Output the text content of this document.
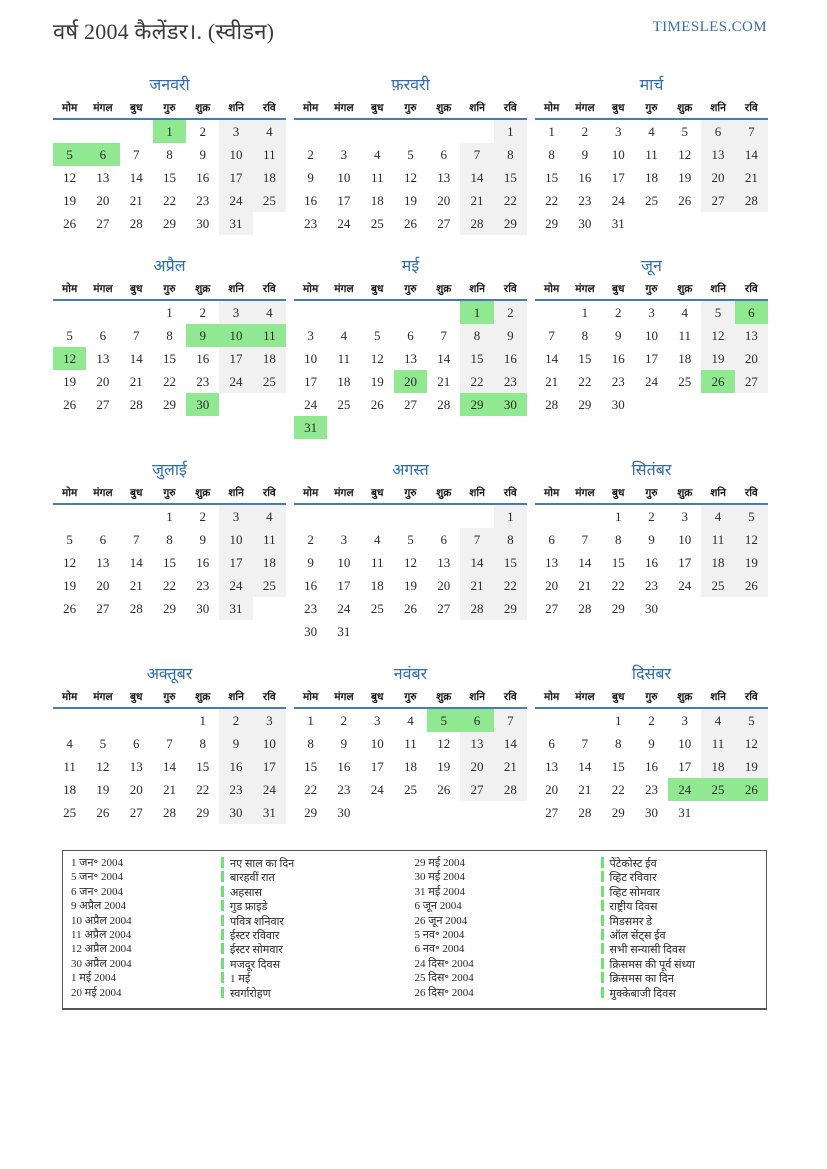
वर्ष 2004 कैलेंडर।. (स्वीडन)	TIMESLES.COM
जनवरी
मोम	मंगल	बुध	गुरु	शुक्र	शनि	रवि
			1	2	3	4
5	6	7	8	9	10	11
12	13	14	15	16	17	18
19	20	21	22	23	24	25
26	27	28	29	30	31	
फ़रवरी
मोम	मंगल	बुध	गुरु	शुक्र	शनि	रवि
						1
2	3	4	5	6	7	8
9	10	11	12	13	14	15
16	17	18	19	20	21	22
23	24	25	26	27	28	29
मार्च
मोम	मंगल	बुध	गुरु	शुक्र	शनि	रवि
1	2	3	4	5	6	7
8	9	10	11	12	13	14
15	16	17	18	19	20	21
22	23	24	25	26	27	28
29	30	31				
अप्रैल
मोम	मंगल	बुध	गुरु	शुक्र	शनि	रवि
			1	2	3	4
5	6	7	8	9	10	11
12	13	14	15	16	17	18
19	20	21	22	23	24	25
26	27	28	29	30		
मई
मोम	मंगल	बुध	गुरु	शुक्र	शनि	रवि
					1	2
3	4	5	6	7	8	9
10	11	12	13	14	15	16
17	18	19	20	21	22	23
24	25	26	27	28	29	30
31						
जून
मोम	मंगल	बुध	गुरु	शुक्र	शनि	रवि
	1	2	3	4	5	6
7	8	9	10	11	12	13
14	15	16	17	18	19	20
21	22	23	24	25	26	27
28	29	30				
जुलाई
मोम	मंगल	बुध	गुरु	शुक्र	शनि	रवि
			1	2	3	4
5	6	7	8	9	10	11
12	13	14	15	16	17	18
19	20	21	22	23	24	25
26	27	28	29	30	31	
अगस्त
मोम	मंगल	बुध	गुरु	शुक्र	शनि	रवि
						1
2	3	4	5	6	7	8
9	10	11	12	13	14	15
16	17	18	19	20	21	22
23	24	25	26	27	28	29
30	31					
सितंबर
मोम	मंगल	बुध	गुरु	शुक्र	शनि	रवि
		1	2	3	4	5
6	7	8	9	10	11	12
13	14	15	16	17	18	19
20	21	22	23	24	25	26
27	28	29	30			
अक्तूबर
मोम	मंगल	बुध	गुरु	शुक्र	शनि	रवि
				1	2	3
4	5	6	7	8	9	10
11	12	13	14	15	16	17
18	19	20	21	22	23	24
25	26	27	28	29	30	31
नवंबर
मोम	मंगल	बुध	गुरु	शुक्र	शनि	रवि
1	2	3	4	5	6	7
8	9	10	11	12	13	14
15	16	17	18	19	20	21
22	23	24	25	26	27	28
29	30					
दिसंबर
मोम	मंगल	बुध	गुरु	शुक्र	शनि	रवि
		1	2	3	4	5
6	7	8	9	10	11	12
13	14	15	16	17	18	19
20	21	22	23	24	25	26
27	28	29	30	31		
1 जन॰ 2004	नए साल का दिन
5 जन॰ 2004	बारहवीं रात
6 जन॰ 2004	अहसास
9 अप्रैल 2004	गुड फ्राइडे
10 अप्रैल 2004	पवित्र शनिवार
11 अप्रैल 2004	ईस्टर रविवार
12 अप्रैल 2004	ईस्टर सोमवार
30 अप्रैल 2004	मजदूर दिवस
1 मई 2004	1 मई
20 मई 2004	स्वर्गारोहण
29 मई 2004	पेंटेकोस्ट ईव
30 मई 2004	व्हिट रविवार
31 मई 2004	व्हिट सोमवार
6 जून 2004	राष्ट्रीय दिवस
26 जून 2004	मिडसमर डे
5 नव॰ 2004	ऑल सेंट्स ईव
6 नव॰ 2004	सभी सन्यासी दिवस
24 दिस॰ 2004	क्रिसमस की पूर्व संध्या
25 दिस॰ 2004	क्रिसमस का दिन
26 दिस॰ 2004	मुक्केबाजी दिवस
